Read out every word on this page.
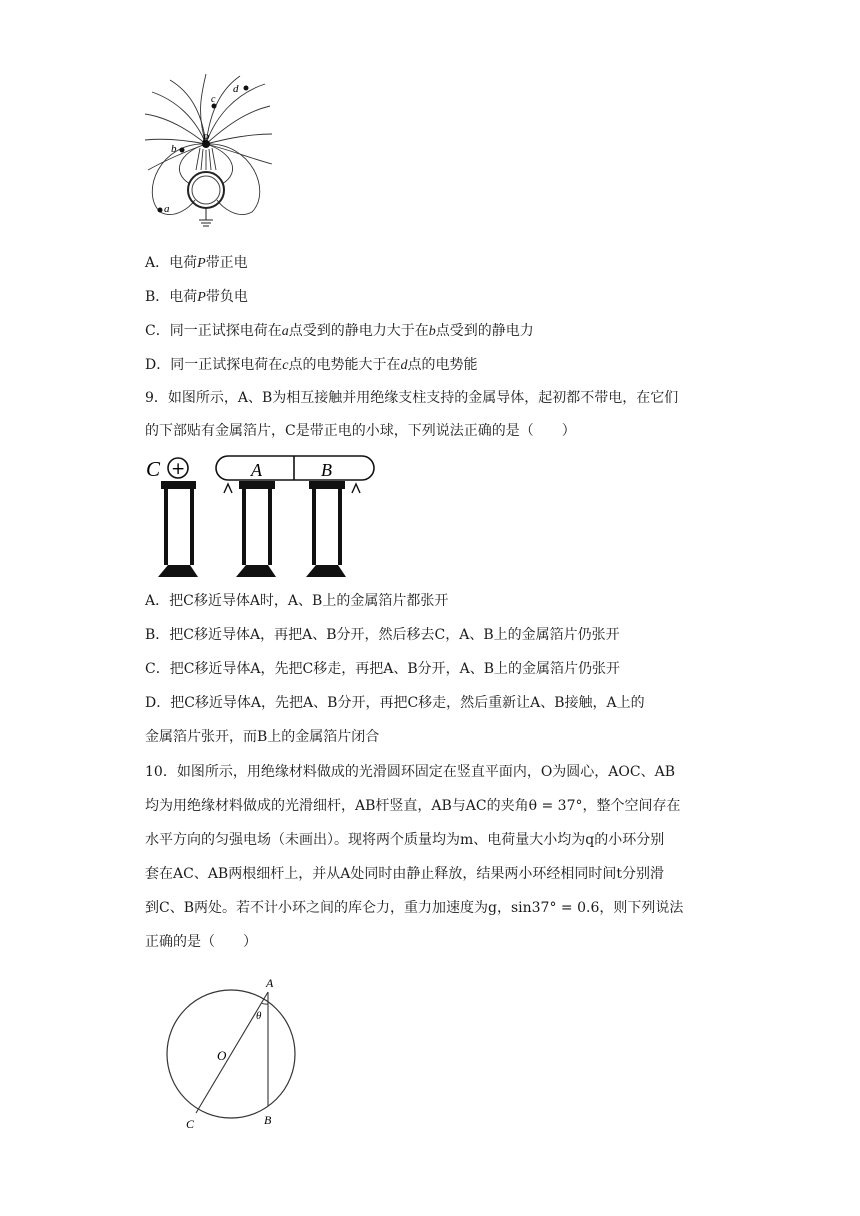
P
c
d
b
a
A．电荷P带正电
B．电荷P带负电
C．同一正试探电荷在a点受到的静电力大于在b点受到的静电力
D．同一正试探电荷在c点的电势能大于在d点的电势能
9．如图所示，A、B为相互接触并用绝缘支柱支持的金属导体，起初都不带电，在它们
的下部贴有金属箔片，C是带正电的小球，下列说法正确的是（　　）
C +	A	B
A．把C移近导体A时，A、B上的金属箔片都张开
B．把C移近导体A，再把A、B分开，然后移去C，A、B上的金属箔片仍张开
C．把C移近导体A，先把C移走，再把A、B分开，A、B上的金属箔片仍张开
D．把C移近导体A，先把A、B分开，再把C移走，然后重新让A、B接触，A上的
金属箔片张开，而B上的金属箔片闭合
10．如图所示，用绝缘材料做成的光滑圆环固定在竖直平面内，O为圆心，AOC、AB
均为用绝缘材料做成的光滑细杆，AB杆竖直，AB与AC的夹角θ = 37°，整个空间存在
水平方向的匀强电场（未画出）。现将两个质量均为m、电荷量大小均为q的小环分别
套在AC、AB两根细杆上，并从A处同时由静止释放，结果两小环经相同时间t分别滑
到C、B两处。若不计小环之间的库仑力，重力加速度为g，sin37° = 0.6，则下列说法
正确的是（　　）
A
θ
O
C	B
